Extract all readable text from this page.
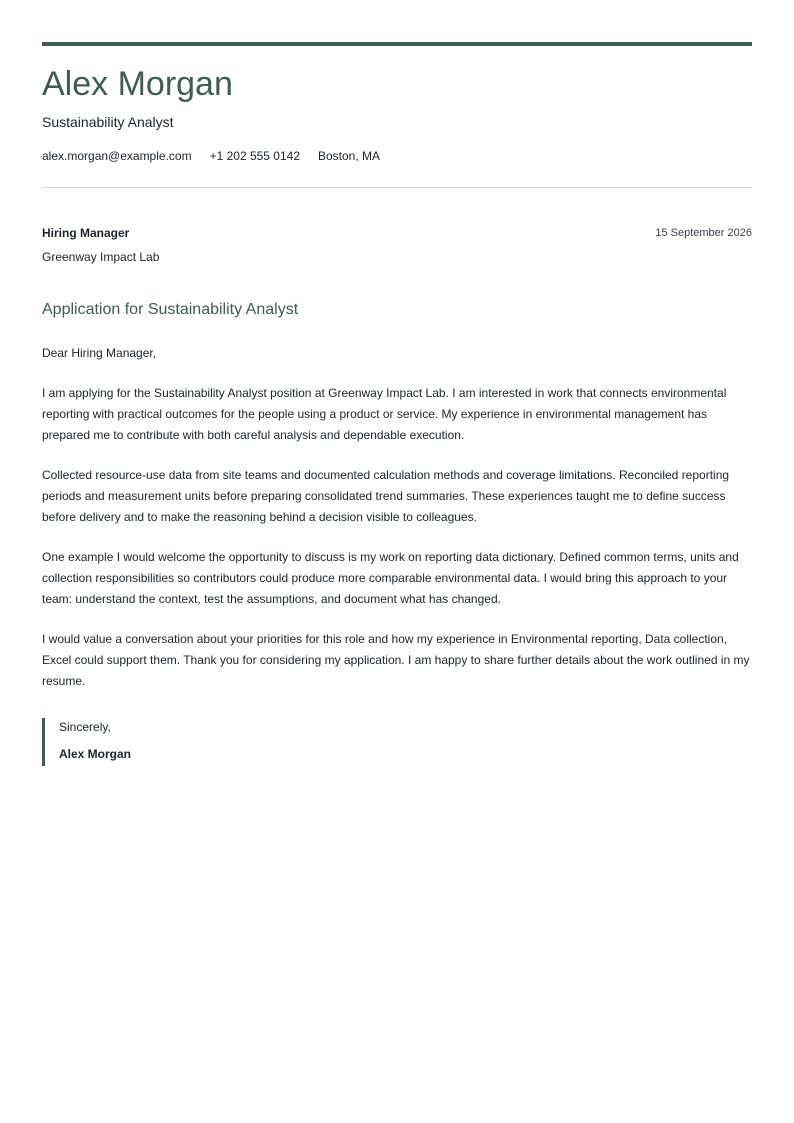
Alex Morgan
Sustainability Analyst
alex.morgan@example.com +1 202 555 0142 Boston, MA
Hiring Manager
Greenway Impact Lab
15 September 2026
Application for Sustainability Analyst
Dear Hiring Manager,

I am applying for the Sustainability Analyst position at Greenway Impact Lab. I am interested in work that connects environmental reporting with practical outcomes for the people using a product or service. My experience in environmental management has prepared me to contribute with both careful analysis and dependable execution.

Collected resource-use data from site teams and documented calculation methods and coverage limitations. Reconciled reporting periods and measurement units before preparing consolidated trend summaries. These experiences taught me to define success before delivery and to make the reasoning behind a decision visible to colleagues.

One example I would welcome the opportunity to discuss is my work on reporting data dictionary. Defined common terms, units and collection responsibilities so contributors could produce more comparable environmental data. I would bring this approach to your team: understand the context, test the assumptions, and document what has changed.

I would value a conversation about your priorities for this role and how my experience in Environmental reporting, Data collection, Excel could support them. Thank you for considering my application. I am happy to share further details about the work outlined in my resume.

Sincerely,
Alex Morgan
